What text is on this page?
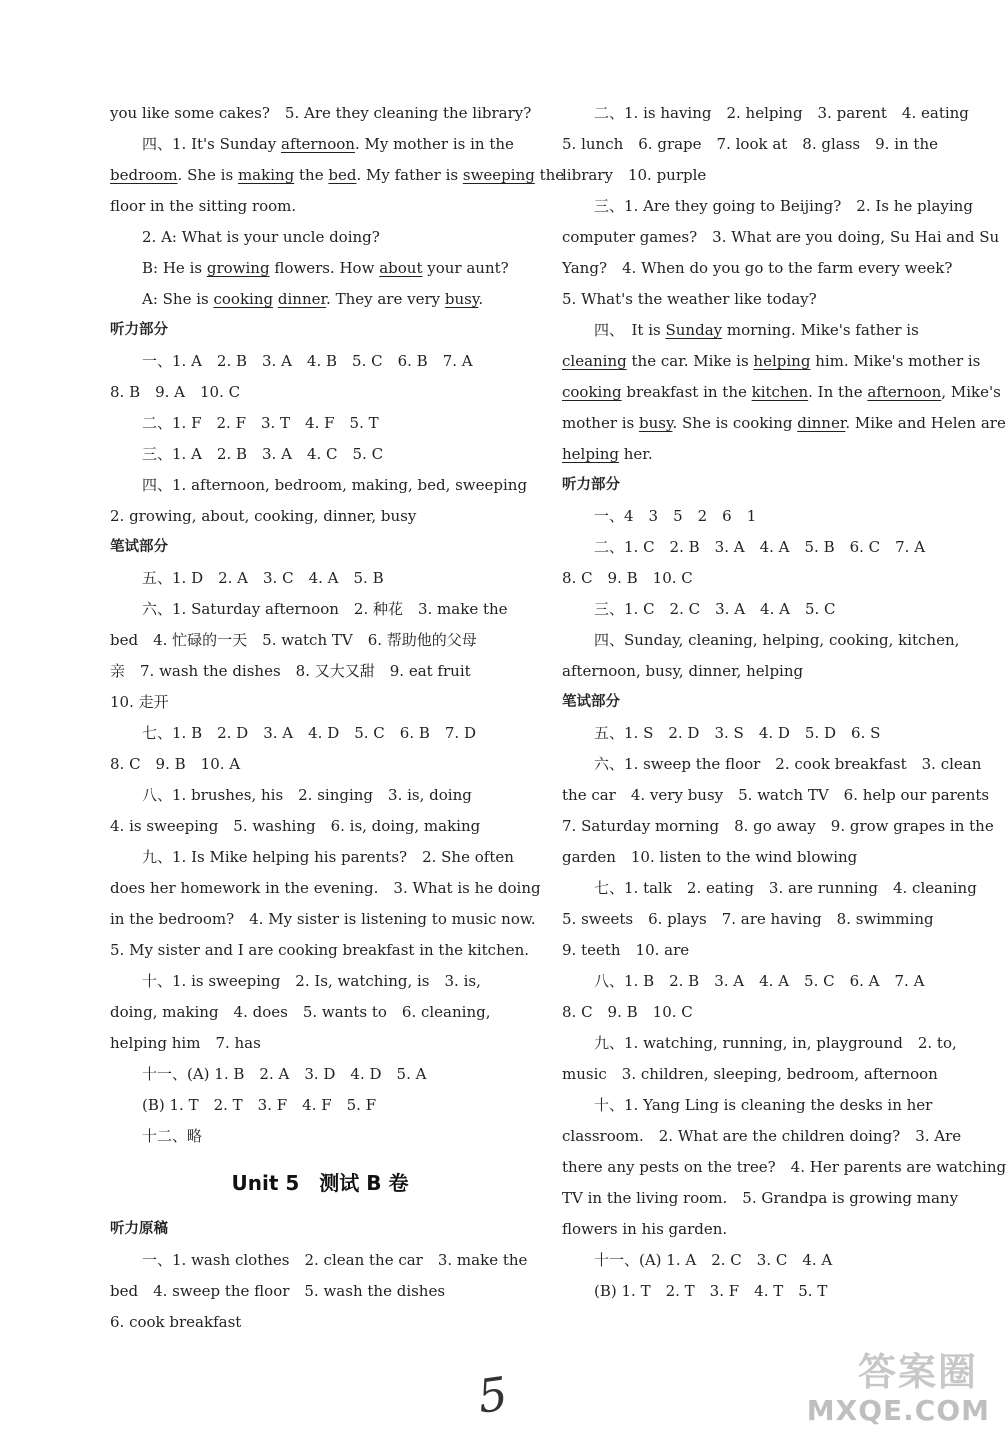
you like some cakes?　5. Are they cleaning the library?
四、1. It's Sunday afternoon. My mother is in the
bedroom. She is making the bed. My father is sweeping the
floor in the sitting room.
2. A: What is your uncle doing?
B: He is growing flowers. How about your aunt?
A: She is cooking dinner. They are very busy.
听力部分
一、1. A　2. B　3. A　4. B　5. C　6. B　7. A
8. B　9. A　10. C
二、1. F　2. F　3. T　4. F　5. T
三、1. A　2. B　3. A　4. C　5. C
四、1. afternoon, bedroom, making, bed, sweeping
2. growing, about, cooking, dinner, busy
笔试部分
五、1. D　2. A　3. C　4. A　5. B
六、1. Saturday afternoon　2. 种花　3. make the
bed　4. 忙碌的一天　5. watch TV　6. 帮助他的父母
亲　7. wash the dishes　8. 又大又甜　9. eat fruit
10. 走开
七、1. B　2. D　3. A　4. D　5. C　6. B　7. D
8. C　9. B　10. A
八、1. brushes, his　2. singing　3. is, doing
4. is sweeping　5. washing　6. is, doing, making
九、1. Is Mike helping his parents?　2. She often
does her homework in the evening.　3. What is he doing
in the bedroom?　4. My sister is listening to music now.
5. My sister and I are cooking breakfast in the kitchen.
十、1. is sweeping　2. Is, watching, is　3. is,
doing, making　4. does　5. wants to　6. cleaning,
helping him　7. has
十一、(A) 1. B　2. A　3. D　4. D　5. A
(B) 1. T　2. T　3. F　4. F　5. F
十二、略
Unit 5　测试 B 卷
听力原稿
一、1. wash clothes　2. clean the car　3. make the
bed　4. sweep the floor　5. wash the dishes
6. cook breakfast
二、1. is having　2. helping　3. parent　4. eating
5. lunch　6. grape　7. look at　8. glass　9. in the
library　10. purple
三、1. Are they going to Beijing?　2. Is he playing
computer games?　3. What are you doing, Su Hai and Su
Yang?　4. When do you go to the farm every week?
5. What's the weather like today?
四、　It is Sunday morning. Mike's father is
cleaning the car. Mike is helping him. Mike's mother is
cooking breakfast in the kitchen. In the afternoon, Mike's
mother is busy. She is cooking dinner. Mike and Helen are
helping her.
听力部分
一、4　3　5　2　6　1
二、1. C　2. B　3. A　4. A　5. B　6. C　7. A
8. C　9. B　10. C
三、1. C　2. C　3. A　4. A　5. C
四、Sunday, cleaning, helping, cooking, kitchen,
afternoon, busy, dinner, helping
笔试部分
五、1. S　2. D　3. S　4. D　5. D　6. S
六、1. sweep the floor　2. cook breakfast　3. clean
the car　4. very busy　5. watch TV　6. help our parents
7. Saturday morning　8. go away　9. grow grapes in the
garden　10. listen to the wind blowing
七、1. talk　2. eating　3. are running　4. cleaning
5. sweets　6. plays　7. are having　8. swimming
9. teeth　10. are
八、1. B　2. B　3. A　4. A　5. C　6. A　7. A
8. C　9. B　10. C
九、1. watching, running, in, playground　2. to,
music　3. children, sleeping, bedroom, afternoon
十、1. Yang Ling is cleaning the desks in her
classroom.　2. What are the children doing?　3. Are
there any pests on the tree?　4. Her parents are watching
TV in the living room.　5. Grandpa is growing many
flowers in his garden.
十一、(A) 1. A　2. C　3. C　4. A
(B) 1. T　2. T　3. F　4. T　5. T
5	答案圈
MXQE.COM
